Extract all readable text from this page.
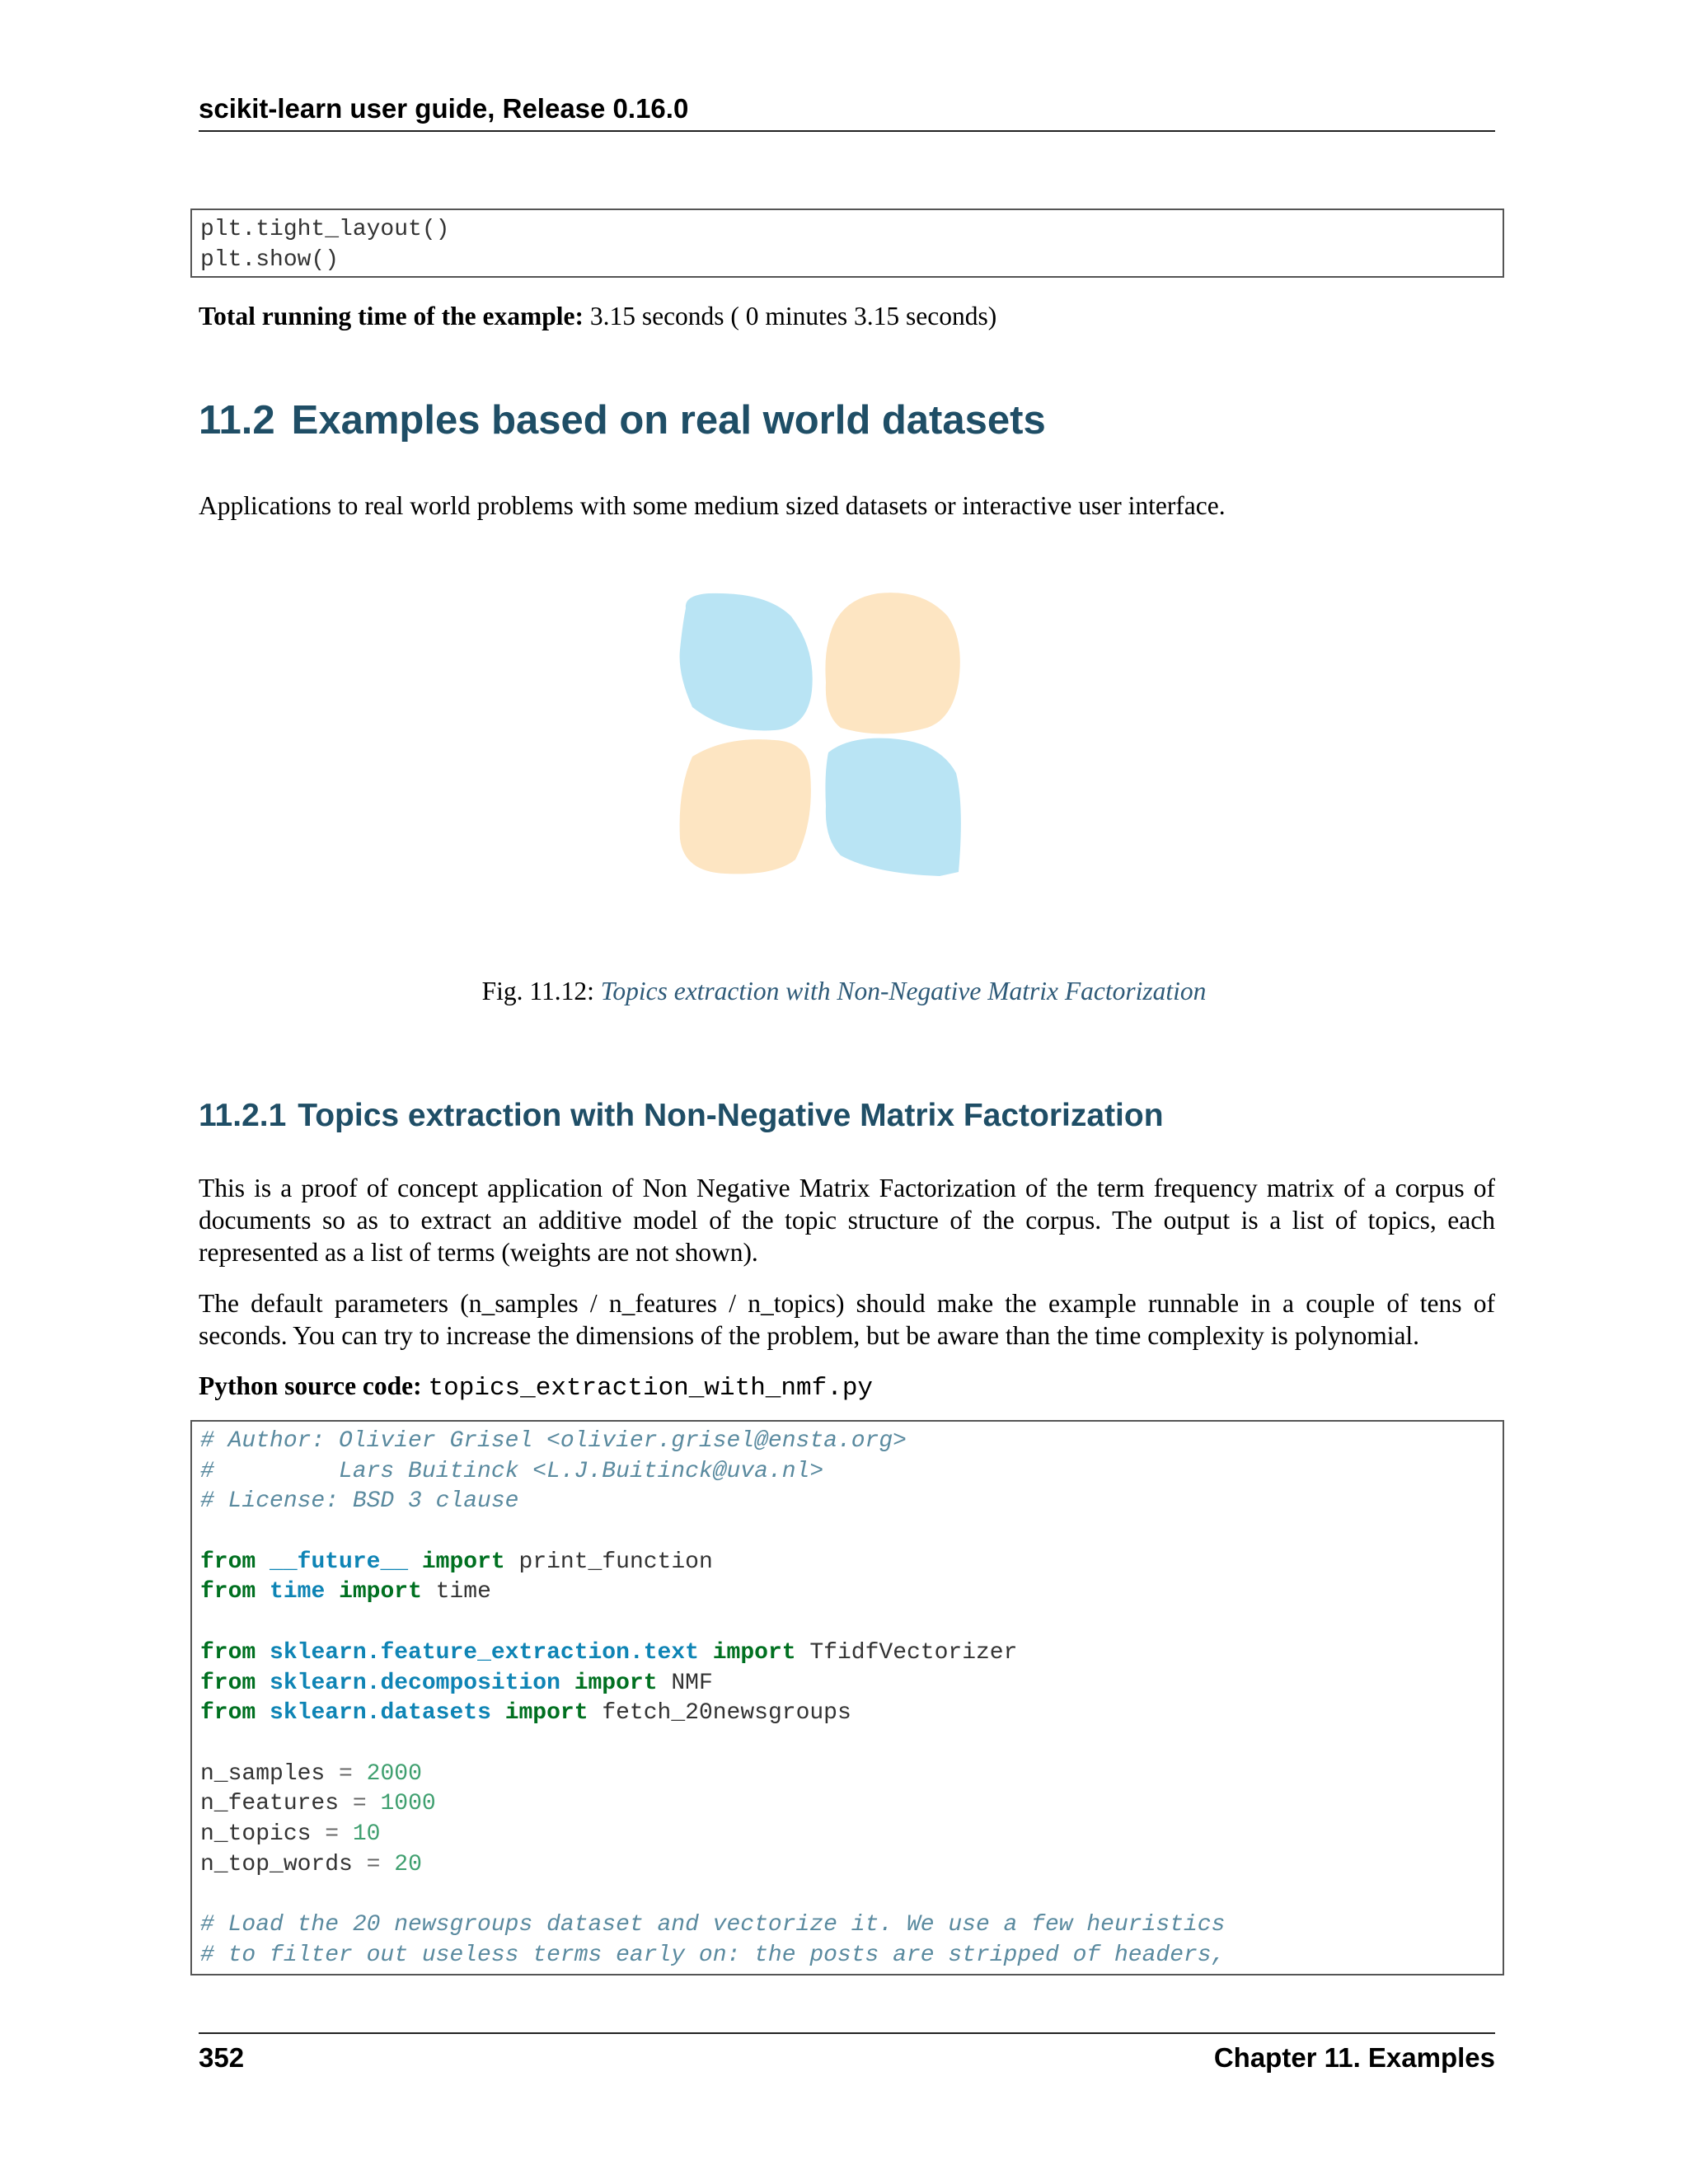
scikit-learn user guide, Release 0.16.0
plt.tight_layout()
plt.show()
Total running time of the example: 3.15 seconds ( 0 minutes 3.15 seconds)
11.2 Examples based on real world datasets
Applications to real world problems with some medium sized datasets or interactive user interface.
Fig. 11.12: Topics extraction with Non-Negative Matrix Factorization
11.2.1 Topics extraction with Non-Negative Matrix Factorization
This is a proof of concept application of Non Negative Matrix Factorization of the term frequency matrix of a corpus of documents so as to extract an additive model of the topic structure of the corpus. The output is a list of topics, each represented as a list of terms (weights are not shown).
The default parameters (n_samples / n_features / n_topics) should make the example runnable in a couple of tens of seconds. You can try to increase the dimensions of the problem, but be aware than the time complexity is polynomial.
Python source code: topics_extraction_with_nmf.py
# Author: Olivier Grisel <olivier.grisel@ensta.org>
#         Lars Buitinck <L.J.Buitinck@uva.nl>
# License: BSD 3 clause
from __future__ import print_function
from time import time
from sklearn.feature_extraction.text import TfidfVectorizer
from sklearn.decomposition import NMF
from sklearn.datasets import fetch_20newsgroups
n_samples = 2000
n_features = 1000
n_topics = 10
n_top_words = 20
# Load the 20 newsgroups dataset and vectorize it. We use a few heuristics
# to filter out useless terms early on: the posts are stripped of headers,
352	Chapter 11. Examples
